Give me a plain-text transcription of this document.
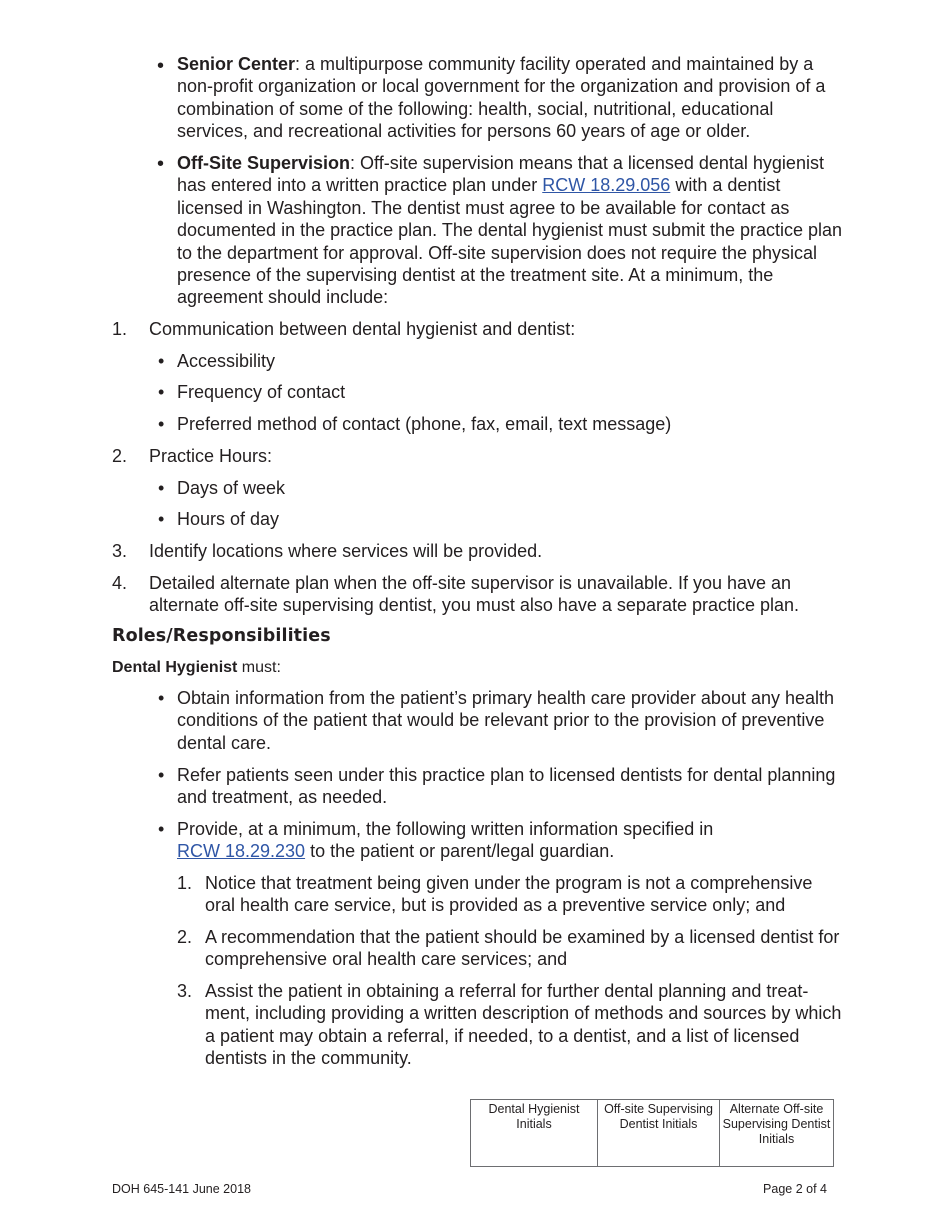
• Senior Center: a multipurpose community facility operated and maintained by a non-profit organization or local government for the organization and provision of a combination of some of the following: health, social, nutritional, educational services, and recreational activities for persons 60 years of age or older.
• Off-Site Supervision: Off-site supervision means that a licensed dental hygienist has entered into a written practice plan under RCW 18.29.056 with a dentist licensed in Washington. The dentist must agree to be available for contact as documented in the practice plan. The dental hygienist must submit the practice plan to the department for approval. Off-site supervision does not require the physical presence of the supervising dentist at the treatment site. At a minimum, the agreement should include:
1. Communication between dental hygienist and dentist:
• Accessibility
• Frequency of contact
• Preferred method of contact (phone, fax, email, text message)
2. Practice Hours:
• Days of week
• Hours of day
3. Identify locations where services will be provided.
4. Detailed alternate plan when the off-site supervisor is unavailable. If you have an alternate off-site supervising dentist, you must also have a separate practice plan.
Roles/Responsibilities
Dental Hygienist must:
• Obtain information from the patient’s primary health care provider about any health conditions of the patient that would be relevant prior to the provision of preventive dental care.
• Refer patients seen under this practice plan to licensed dentists for dental planning and treatment, as needed.
• Provide, at a minimum, the following written information specified in
RCW 18.29.230 to the patient or parent/legal guardian.
1. Notice that treatment being given under the program is not a comprehensive oral health care service, but is provided as a preventive service only; and
2. A recommendation that the patient should be examined by a licensed dentist for comprehensive oral health care services; and
3. Assist the patient in obtaining a referral for further dental planning and treat-ment, including providing a written description of methods and sources by which a patient may obtain a referral, if needed, to a dentist, and a list of licensed dentists in the community.
Dental Hygienist Initials	Off-site Supervising Dentist Initials	Alternate Off-site Supervising Dentist Initials
DOH 645-141 June 2018	Page 2 of 4
